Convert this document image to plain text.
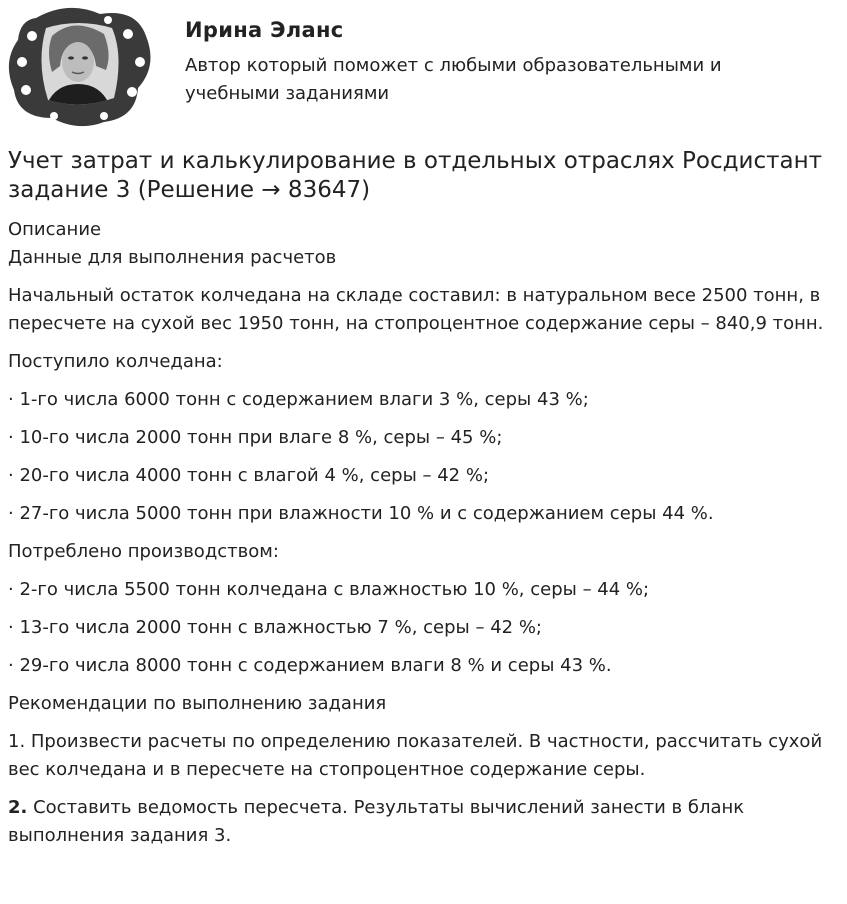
Ирина Эланс
Автор который поможет с любыми образовательными и учебными заданиями
Учет затрат и калькулирование в отдельных отраслях Росдистант задание 3 (Решение → 83647)

Описание

Данные для выполнения расчетов

Начальный остаток колчедана на складе составил: в натуральном весе 2500 тонн, в пересчете на сухой вес 1950 тонн, на стопроцентное содержание серы – 840,9 тонн.

Поступило колчедана:

· 1-го числа 6000 тонн с содержанием влаги 3 %, серы 43 %;

· 10-го числа 2000 тонн при влаге 8 %, серы – 45 %;

· 20-го числа 4000 тонн с влагой 4 %, серы – 42 %;

· 27-го числа 5000 тонн при влажности 10 % и с содержанием серы 44 %.

Потреблено производством:

· 2-го числа 5500 тонн колчедана с влажностью 10 %, серы – 44 %;

· 13-го числа 2000 тонн с влажностью 7 %, серы – 42 %;

· 29-го числа 8000 тонн с содержанием влаги 8 % и серы 43 %.

Рекомендации по выполнению задания

1. Произвести расчеты по определению показателей. В частности, рассчитать сухой вес колчедана и в пересчете на стопроцентное содержание серы.

2. Составить ведомость пересчета. Результаты вычислений занести в бланк выполнения задания 3.
